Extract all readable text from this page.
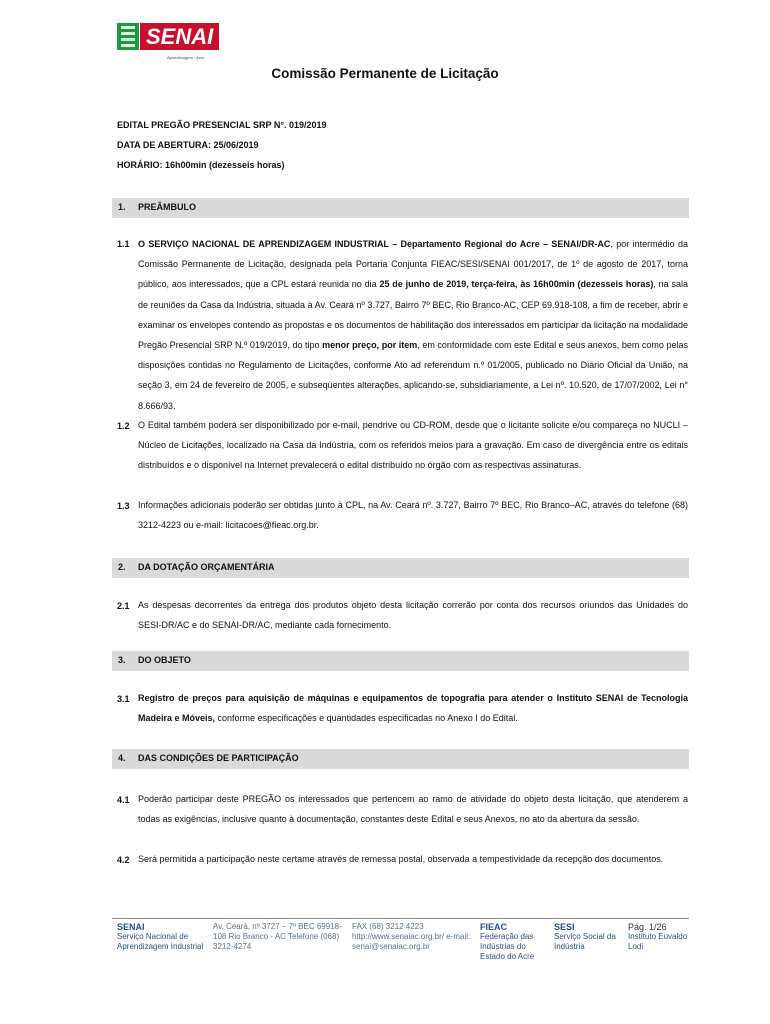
SENAI
Aprendizagem · Acre
Comissão Permanente de Licitação
EDITAL PREGÃO PRESENCIAL SRP N°. 019/2019
DATA DE ABERTURA: 25/06/2019
HORÁRIO: 16h00min (dezesseis horas)
1. PREÂMBULO
1.1 O SERVIÇO NACIONAL DE APRENDIZAGEM INDUSTRIAL – Departamento Regional do Acre – SENAI/DR-AC, por intermédio da Comissão Permanente de Licitação, designada pela Portaria Conjunta FIEAC/SESI/SENAI 001/2017, de 1º de agosto de 2017, torna público, aos interessados, que a CPL estará reunida no dia 25 de junho de 2019, terça-feira, às 16h00min (dezesseis horas), na sala de reuniões da Casa da Indústria, situada à Av. Ceará nº 3.727, Bairro 7º BEC, Rio Branco-AC, CEP 69.918-108, a fim de receber, abrir e examinar os envelopes contendo as propostas e os documentos de habilitação dos interessados em participar da licitação na modalidade Pregão Presencial SRP N.º 019/2019, do tipo menor preço, por item, em conformidade com este Edital e seus anexos, bem como pelas disposições contidas no Regulamento de Licitações, conforme Ato ad referendum n.º 01/2005, publicado no Diário Oficial da União, na seção 3, em 24 de fevereiro de 2005, e subseqüentes alterações, aplicando-se, subsidiariamente, a Lei nº. 10.520, de 17/07/2002, Lei n° 8.666/93.
1.2 O Edital também poderá ser disponibilizado por e-mail, pendrive ou CD-ROM, desde que o licitante solicite e/ou compareça no NUCLI – Núcleo de Licitações, localizado na Casa da Indústria, com os referidos meios para a gravação. Em caso de divergência entre os editais distribuídos e o disponível na Internet prevalecerá o edital distribuído no órgão com as respectivas assinaturas.
1.3 Informações adicionais poderão ser obtidas junto à CPL, na Av. Ceará nº. 3.727, Bairro 7º BEC, Rio Branco–AC, através do telefone (68) 3212-4223 ou e-mail: licitacoes@fieac.org.br.
2. DA DOTAÇÃO ORÇAMENTÁRIA
2.1 As despesas decorrentes da entrega dos produtos objeto desta licitação correrão por conta dos recursos oriundos das Unidades do SESI-DR/AC e do SENAI-DR/AC, mediante cada fornecimento.
3. DO OBJETO
3.1 Registro de preços para aquisição de máquinas e equipamentos de topografia para atender o Instituto SENAI de Tecnologia Madeira e Móveis, conforme especificações e quantidades especificadas no Anexo I do Edital.
4. DAS CONDIÇÕES DE PARTICIPAÇÃO
4.1 Poderão participar deste PREGÃO os interessados que pertencem ao ramo de atividade do objeto desta licitação, que atenderem a todas as exigências, inclusive quanto à documentação, constantes deste Edital e seus Anexos, no ato da abertura da sessão.
4.2 Será permitida a participação neste certame através de remessa postal, observada a tempestividade da recepção dos documentos.
SENAI
Serviço Nacional de Aprendizagem Industrial
Av. Ceará, nº 3727 – 7º BEC 69918-108 Rio Branco - AC Telefone (068) 3212-4274
FAX (68) 3212 4223 http://www.senaiac.org.br/ e-mail: senai@senaiac.org.br
FIEAC
Federação das Indústrias do Estado do Acre
SESI
Serviço Social da Indústria
Instituto Euvaldo Lodi
Pág. 1/26
